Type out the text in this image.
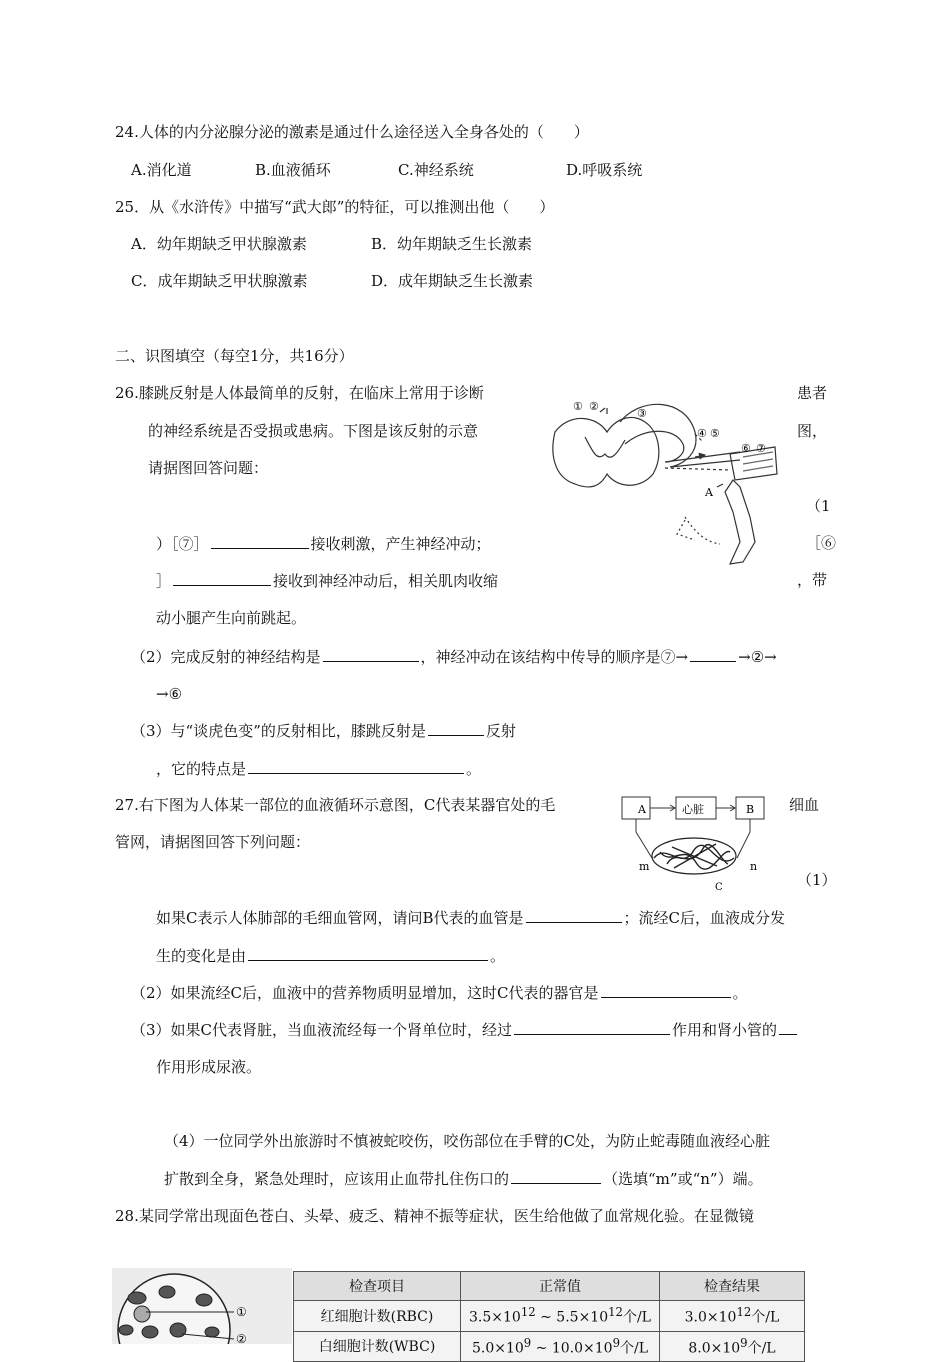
24.人体的内分泌腺分泌的激素是通过什么途径送入全身各处的（　　）
A.消化道	B.血液循环	C.神经系统	D.呼吸系统
25．从《水浒传》中描写“武大郎”的特征，可以推测出他（　　）
A．幼年期缺乏甲状腺激素	B．幼年期缺乏生长激素
C．成年期缺乏甲状腺激素	D．成年期缺乏生长激素
二、识图填空（每空1分，共16分）
26.膝跳反射是人体最简单的反射，在临床上常用于诊断	患者
的神经系统是否受损或患病。下图是该反射的示意	图，
请据图回答问题：
① ②
③
④ ⑤
⑥ ⑦
A
（1
）［⑦］	接收刺激，产生神经冲动；	［⑥
］	接收到神经冲动后，相关肌肉收缩	，带
动小腿产生向前跳起。
（2）完成反射的神经结构是	，神经冲动在该结构中传导的顺序是⑦→	→②→
→⑥
（3）与“谈虎色变”的反射相比，膝跳反射是	反射
，它的特点是	。
27.右下图为人体某一部位的血液循环示意图，C代表某器官处的毛	细血
管网，请据图回答下列问题：
A	心脏	B
m	n
C	（1）
如果C表示人体肺部的毛细血管网，请问B代表的血管是	；流经C后，血液成分发
生的变化是由	。
（2）如果流经C后，血液中的营养物质明显增加，这时C代表的器官是	。
（3）如果C代表肾脏，当血液流经每一个肾单位时，经过	作用和肾小管的
作用形成尿液。
（4）一位同学外出旅游时不慎被蛇咬伤，咬伤部位在手臂的C处，为防止蛇毒随血液经心脏
扩散到全身，紧急处理时，应该用止血带扎住伤口的	（选填“m”或“n”）端。
28.某同学常出现面色苍白、头晕、疲乏、精神不振等症状，医生给他做了血常规化验。在显微镜
①
②
检查项目	正常值	检查结果
红细胞计数(RBC)	$3.5\times 10^{12}$ ~ $5.5\times 10^{12}$个/L	$3.0\times 10^{12}$个/L
白细胞计数(WBC)	$5.0\times 10^9$ ~ $10.0\times 10^9$个/L	$8.0\times 10^9$个/L
